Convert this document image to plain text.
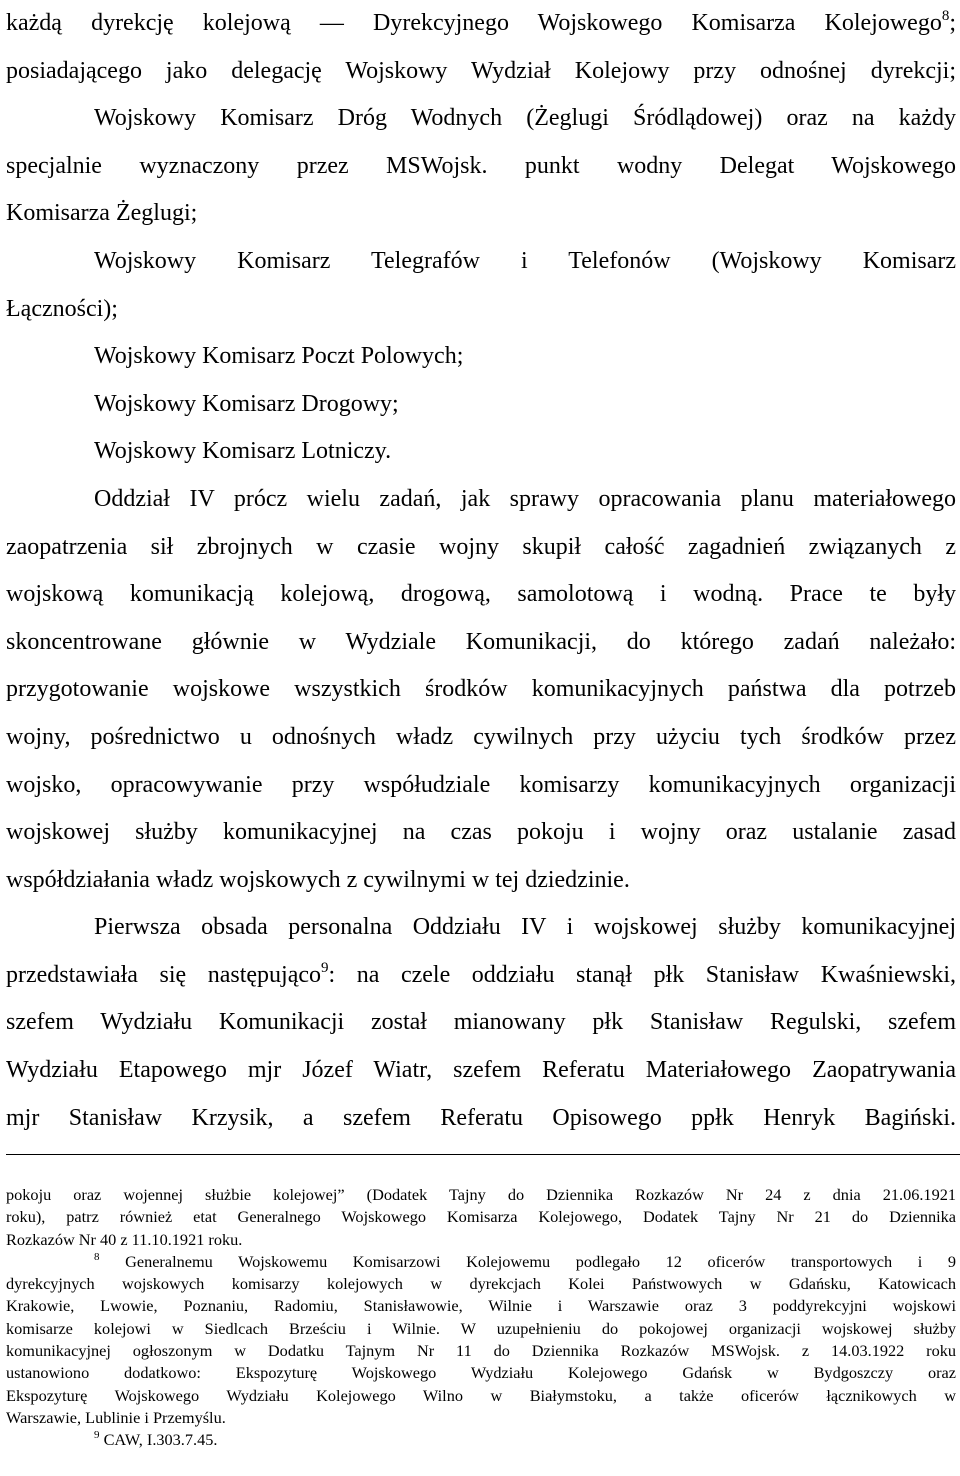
każdą dyrekcję kolejową — Dyrekcyjnego Wojskowego Komisarza Kolejowego$^8$;
posiadającego jako delegację Wojskowy Wydział Kolejowy przy odnośnej dyrekcji;
Wojskowy Komisarz Dróg Wodnych (Żeglugi Śródlądowej) oraz na każdy
specjalnie wyznaczony przez MSWojsk. punkt wodny Delegat Wojskowego
Komisarza Żeglugi;
Wojskowy Komisarz Telegrafów i Telefonów (Wojskowy Komisarz
Łączności);
Wojskowy Komisarz Poczt Polowych;
Wojskowy Komisarz Drogowy;
Wojskowy Komisarz Lotniczy.
Oddział IV prócz wielu zadań, jak sprawy opracowania planu materiałowego
zaopatrzenia sił zbrojnych w czasie wojny skupił całość zagadnień związanych z
wojskową komunikacją kolejową, drogową, samolotową i wodną. Prace te były
skoncentrowane głównie w Wydziale Komunikacji, do którego zadań należało:
przygotowanie wojskowe wszystkich środków komunikacyjnych państwa dla potrzeb
wojny, pośrednictwo u odnośnych władz cywilnych przy użyciu tych środków przez
wojsko, opracowywanie przy współudziale komisarzy komunikacyjnych organizacji
wojskowej służby komunikacyjnej na czas pokoju i wojny oraz ustalanie zasad
współdziałania władz wojskowych z cywilnymi w tej dziedzinie.
Pierwsza obsada personalna Oddziału IV i wojskowej służby komunikacyjnej
przedstawiała się następująco$^9$: na czele oddziału stanął płk Stanisław Kwaśniewski,
szefem Wydziału Komunikacji został mianowany płk Stanisław Regulski, szefem
Wydziału Etapowego mjr Józef Wiatr, szefem Referatu Materiałowego Zaopatrywania
mjr Stanisław Krzysik, a szefem Referatu Opisowego ppłk Henryk Bagiński.
pokoju oraz wojennej służbie kolejowej” (Dodatek Tajny do Dziennika Rozkazów Nr 24 z dnia 21.06.1921
roku), patrz również etat Generalnego Wojskowego Komisarza Kolejowego, Dodatek Tajny Nr 21 do Dziennika
Rozkazów Nr 40 z 11.10.1921 roku.
$^8$ Generalnemu Wojskowemu Komisarzowi Kolejowemu podlegało 12 oficerów transportowych i 9
dyrekcyjnych wojskowych komisarzy kolejowych w dyrekcjach Kolei Państwowych w Gdańsku, Katowicach
Krakowie, Lwowie, Poznaniu, Radomiu, Stanisławowie, Wilnie i Warszawie oraz 3 poddyrekcyjni wojskowi
komisarze kolejowi w Siedlcach Brześciu i Wilnie. W uzupełnieniu do pokojowej organizacji wojskowej służby
komunikacyjnej ogłoszonym w Dodatku Tajnym Nr 11 do Dziennika Rozkazów MSWojsk. z 14.03.1922 roku
ustanowiono dodatkowo: Ekspozyturę Wojskowego Wydziału Kolejowego Gdańsk w Bydgoszczy oraz
Ekspozyturę Wojskowego Wydziału Kolejowego Wilno w Białymstoku, a także oficerów łącznikowych w
Warszawie, Lublinie i Przemyślu.
$^9$ CAW, I.303.7.45.
